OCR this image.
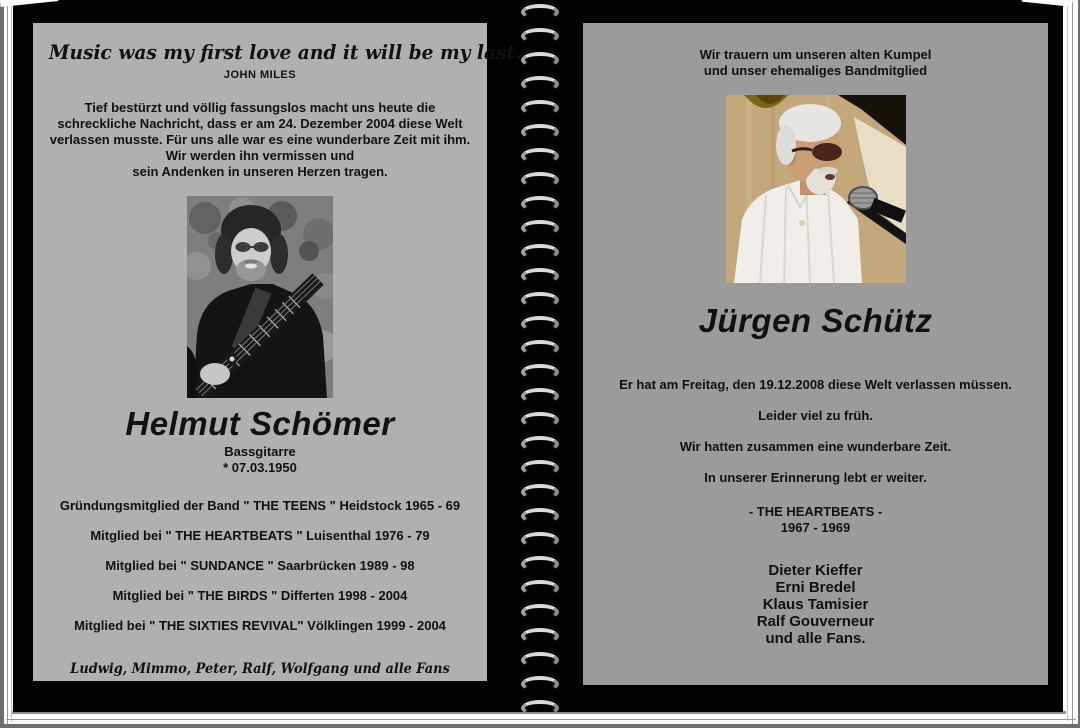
Music was my first love and it will be my last.
JOHN MILES
Tief bestürzt und völlig fassungslos macht uns heute die
schreckliche Nachricht, dass er am 24. Dezember 2004 diese Welt
verlassen musste. Für uns alle war es eine wunderbare Zeit mit ihm.
Wir werden ihn vermissen und
sein Andenken in unseren Herzen tragen.
Helmut Schömer
Bassgitarre
* 07.03.1950
Gründungsmitglied der Band " THE TEENS " Heidstock 1965 - 69
Mitglied bei " THE HEARTBEATS " Luisenthal 1976 - 79
Mitglied bei " SUNDANCE " Saarbrücken 1989 - 98
Mitglied bei " THE BIRDS " Differten 1998 - 2004
Mitglied bei " THE SIXTIES REVIVAL" Völklingen 1999 - 2004
Ludwig, Mimmo, Peter, Ralf, Wolfgang und alle Fans
Wir trauern um unseren alten Kumpel
und unser ehemaliges Bandmitglied
Jürgen Schütz
Er hat am Freitag, den 19.12.2008 diese Welt verlassen müssen.
Leider viel zu früh.
Wir hatten zusammen eine wunderbare Zeit.
In unserer Erinnerung lebt er weiter.
- THE HEARTBEATS -
1967 - 1969
Dieter Kieffer
Erni Bredel
Klaus Tamisier
Ralf Gouverneur
und alle Fans.
